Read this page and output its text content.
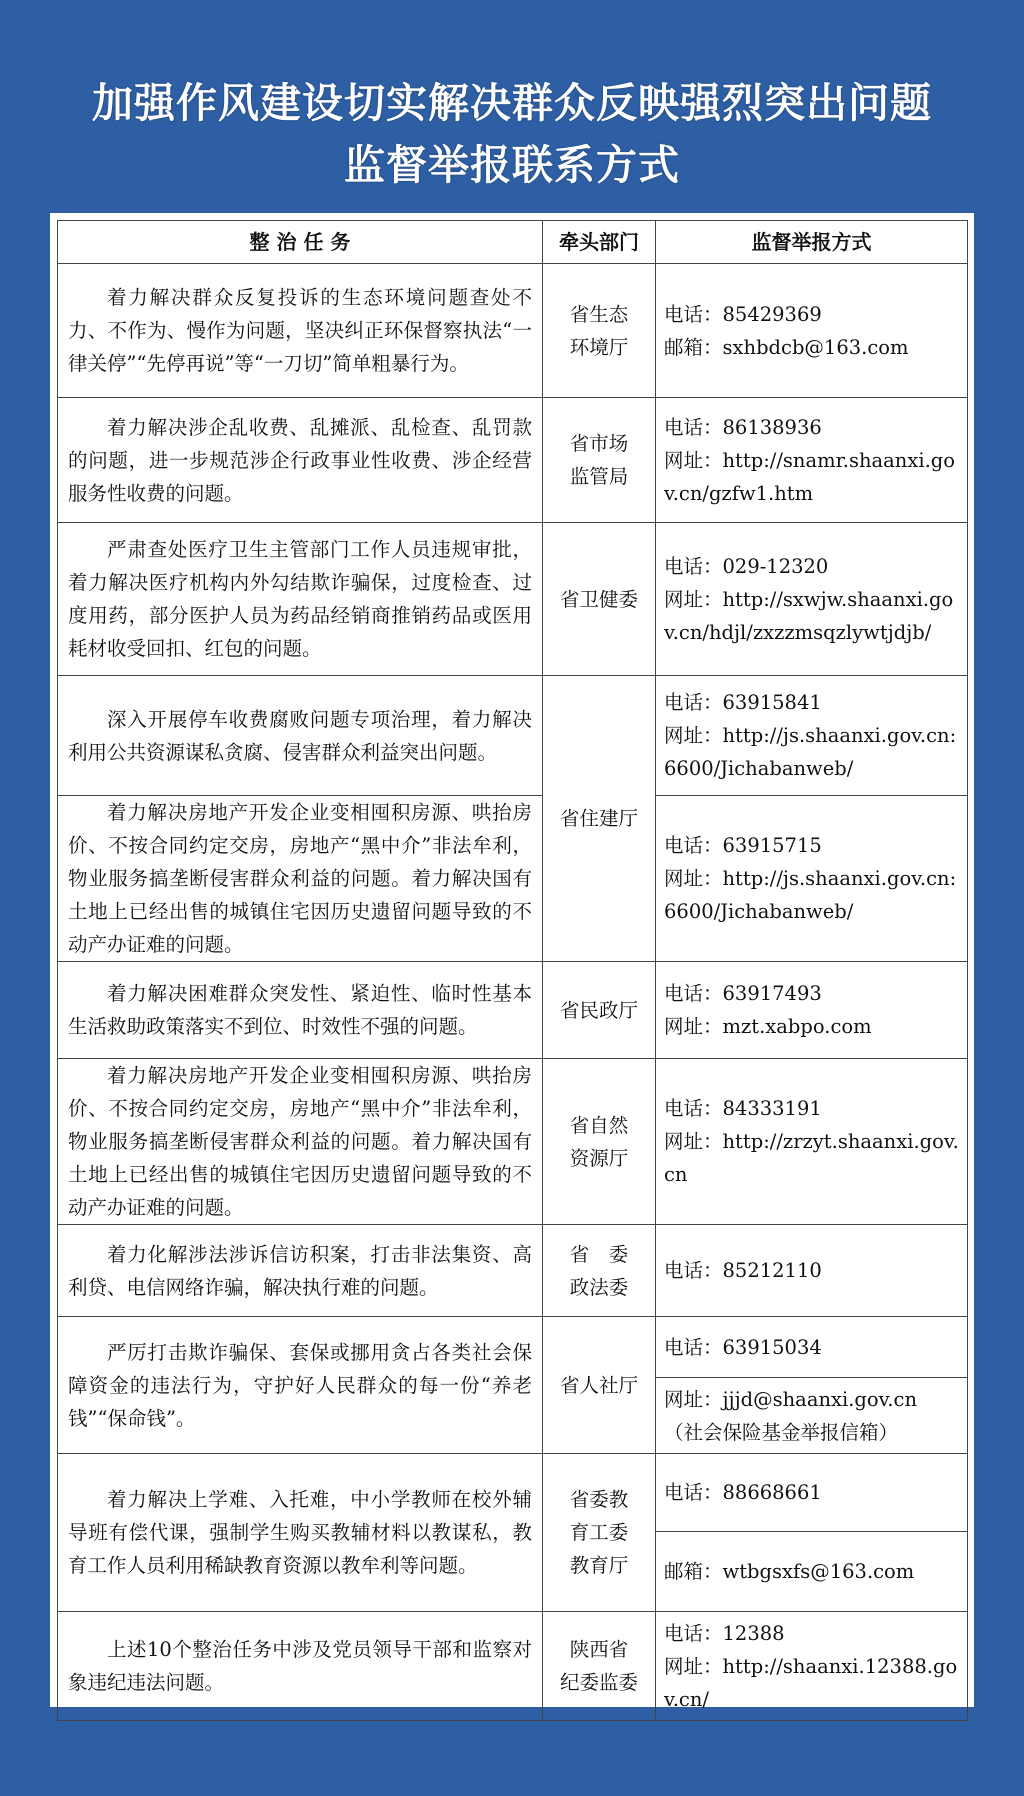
加强作风建设切实解决群众反映强烈突出问题
监督举报联系方式
整 治 任 务	牵头部门	监督举报方式

着力解决群众反复投诉的生态环境问题查处不力、不作为、慢作为问题，坚决纠正环保督察执法“一律关停”“先停再说”等“一刀切”简单粗暴行为。	省生态
环境厅	电话：85429369
邮箱：sxhbdcb@163.com

着力解决涉企乱收费、乱摊派、乱检查、乱罚款的问题，进一步规范涉企行政事业性收费、涉企经营服务性收费的问题。	省市场
监管局	电话：86138936
网址：http://snamr.shaanxi.gov.cn/gzfw1.htm

严肃查处医疗卫生主管部门工作人员违规审批，着力解决医疗机构内外勾结欺诈骗保，过度检查、过度用药，部分医护人员为药品经销商推销药品或医用耗材收受回扣、红包的问题。	省卫健委	电话：029-12320
网址：http://sxwjw.shaanxi.gov.cn/hdjl/zxzzmsqzlywtjdjb/

深入开展停车收费腐败问题专项治理，着力解决利用公共资源谋私贪腐、侵害群众利益突出问题。	省住建厅	电话：63915841
网址：http://js.shaanxi.gov.cn:6600/Jichabanweb/

着力解决房地产开发企业变相囤积房源、哄抬房价、不按合同约定交房，房地产“黑中介”非法牟利，物业服务搞垄断侵害群众利益的问题。着力解决国有土地上已经出售的城镇住宅因历史遗留问题导致的不动产办证难的问题。		电话：63915715
网址：http://js.shaanxi.gov.cn:6600/Jichabanweb/

着力解决困难群众突发性、紧迫性、临时性基本生活救助政策落实不到位、时效性不强的问题。	省民政厅	电话：63917493
网址：mzt.xabpo.com

着力解决房地产开发企业变相囤积房源、哄抬房价、不按合同约定交房，房地产“黑中介”非法牟利，物业服务搞垄断侵害群众利益的问题。着力解决国有土地上已经出售的城镇住宅因历史遗留问题导致的不动产办证难的问题。	省自然
资源厅	电话：84333191
网址：http://zrzyt.shaanxi.gov.cn

着力化解涉法涉诉信访积案，打击非法集资、高利贷、电信网络诈骗，解决执行难的问题。	省　委
政法委	电话：85212110

严厉打击欺诈骗保、套保或挪用贪占各类社会保障资金的违法行为，守护好人民群众的每一份“养老钱”“保命钱”。	省人社厅	电话：63915034

		网址：jjjd@shaanxi.gov.cn
（社会保险基金举报信箱）

着力解决上学难、入托难，中小学教师在校外辅导班有偿代课，强制学生购买教辅材料以教谋私，教育工作人员利用稀缺教育资源以教牟利等问题。	省委教
育工委
教育厅	电话：88668661

		邮箱：wtbgsxfs@163.com

上述10个整治任务中涉及党员领导干部和监察对象违纪违法问题。	陕西省
纪委监委	电话：12388
网址：http://shaanxi.12388.gov.cn/
